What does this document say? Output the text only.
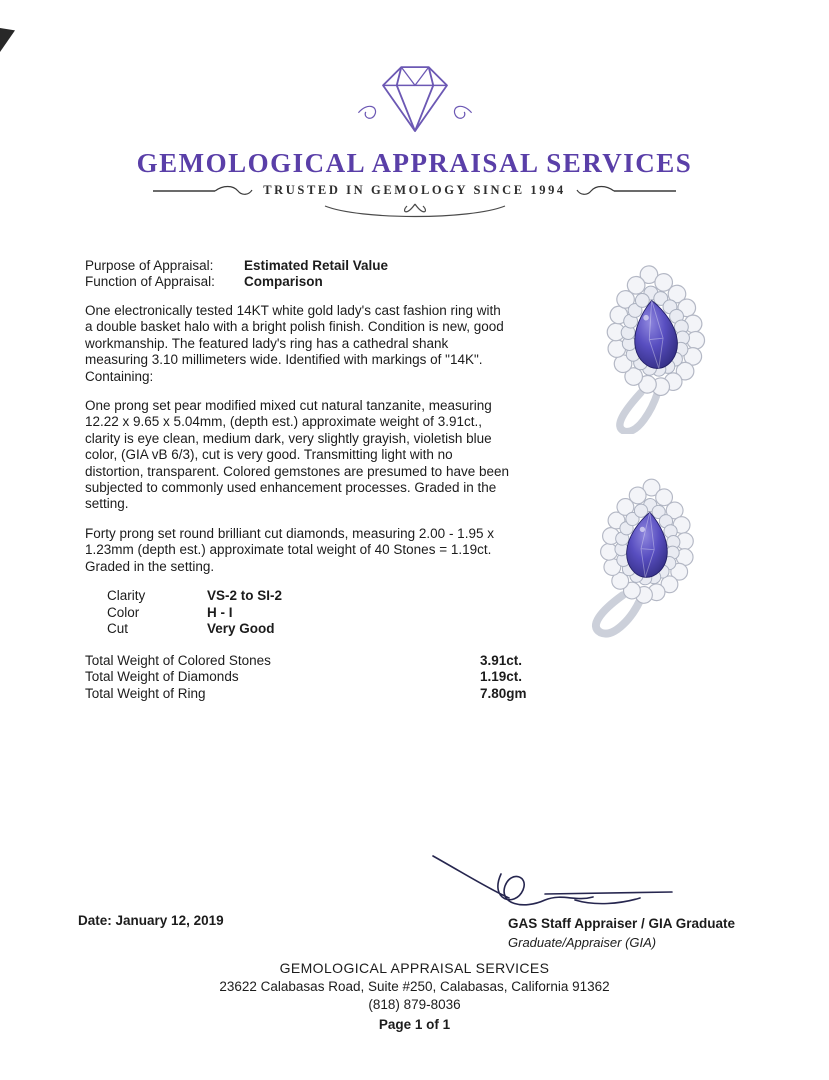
GEMOLOGICAL APPRAISAL SERVICES
TRUSTED IN GEMOLOGY SINCE 1994
Purpose of Appraisal:	Estimated Retail Value
Function of Appraisal:	Comparison

One electronically tested 14KT white gold lady's cast fashion ring with a double basket halo with a bright polish finish. Condition is new, good workmanship. The featured lady's ring has a cathedral shank measuring 3.10 millimeters wide. Identified with markings of "14K". Containing:

One prong set pear modified mixed cut natural tanzanite, measuring 12.22 x 9.65 x 5.04mm, (depth est.) approximate weight of 3.91ct., clarity is eye clean, medium dark, very slightly grayish, violetish blue color, (GIA vB 6/3), cut is very good. Transmitting light with no distortion, transparent. Colored gemstones are presumed to have been subjected to commonly used enhancement processes. Graded in the setting.

Forty prong set round brilliant cut diamonds, measuring 2.00 - 1.95 x 1.23mm (depth est.) approximate total weight of 40 Stones = 1.19ct. Graded in the setting.

Clarity	VS-2 to SI-2
Color	H - I
Cut	Very Good
Total Weight of Colored Stones	3.91ct.
Total Weight of Diamonds	1.19ct.
Total Weight of Ring	7.80gm
Date: January 12, 2019	GAS Staff Appraiser / GIA Graduate
Graduate/Appraiser (GIA)
GEMOLOGICAL APPRAISAL SERVICES
23622 Calabasas Road, Suite #250, Calabasas, California 91362
(818) 879-8036
Page 1 of 1
